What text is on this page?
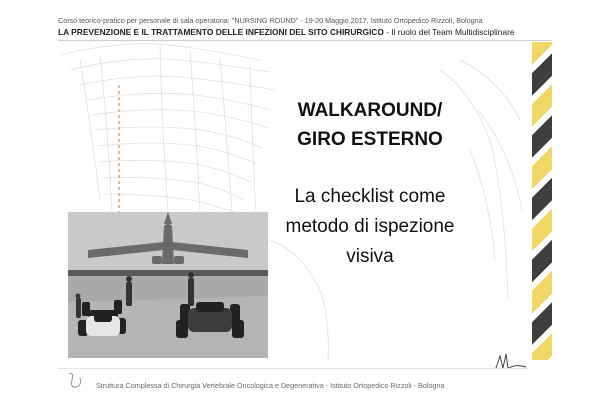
Corso teorico-pratico per personale di sala operatoria: "NURSING ROUND" - 19-20 Maggio 2017, Istituto Ortopedico Rizzoli, Bologna
LA PREVENZIONE E IL TRATTAMENTO DELLE INFEZIONI DEL SITO CHIRURGICO - Il ruolo del Team Multidisciplinare
WALKAROUND/
GIRO ESTERNO
La checklist come
metodo di ispezione
visiva
Struttura Complessa di Chirurgia Vertebrale Oncologica e Degenerativa - Istituto Ortopedico Rizzoli - Bologna
